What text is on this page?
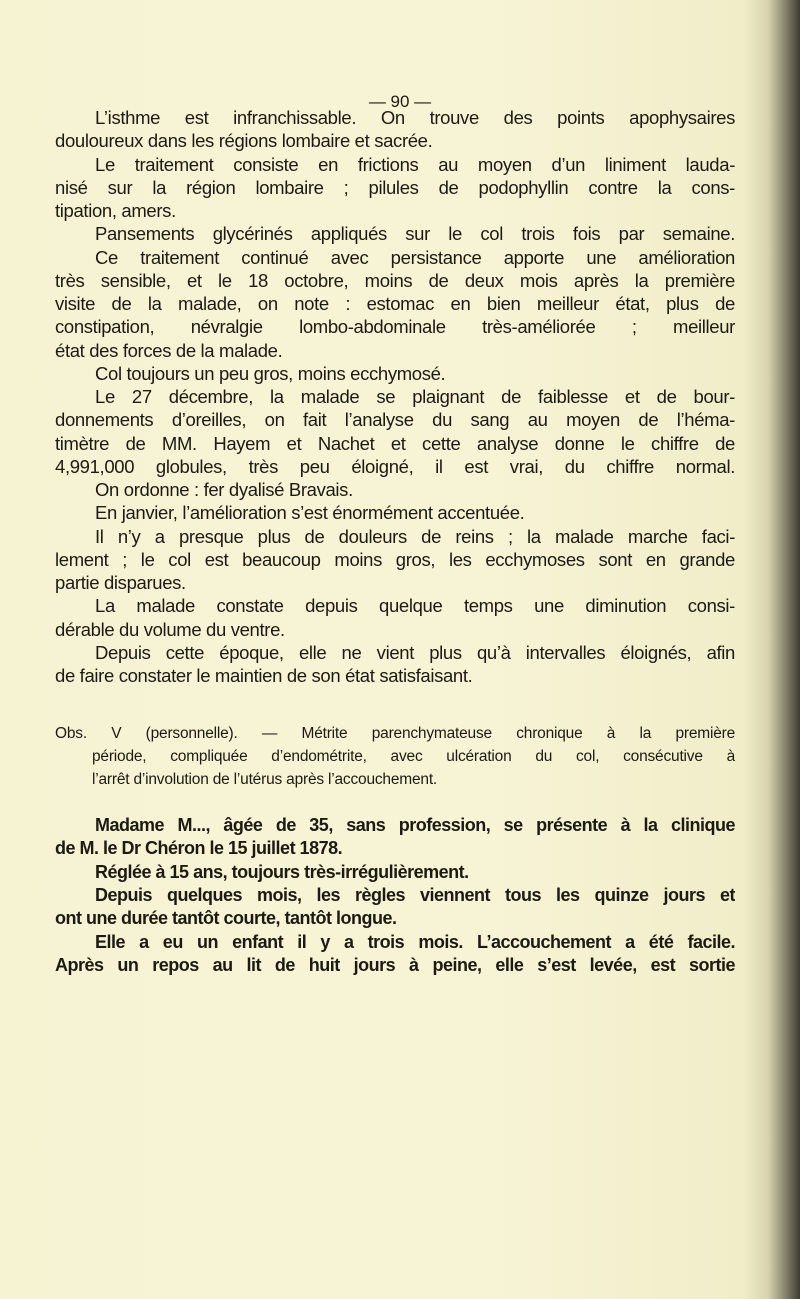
— 90 —
L’isthme est infranchissable. On trouve des points apophysaires
douloureux dans les régions lombaire et sacrée.
Le traitement consiste en frictions au moyen d’un liniment lauda-
nisé sur la région lombaire ; pilules de podophyllin contre la cons-
tipation, amers.
Pansements glycérinés appliqués sur le col trois fois par semaine.
Ce traitement continué avec persistance apporte une amélioration
très sensible, et le 18 octobre, moins de deux mois après la première
visite de la malade, on note : estomac en bien meilleur état, plus de
constipation, névralgie lombo-abdominale très-améliorée ; meilleur
état des forces de la malade.
Col toujours un peu gros, moins ecchymosé.
Le 27 décembre, la malade se plaignant de faiblesse et de bour-
donnements d’oreilles, on fait l’analyse du sang au moyen de l’héma-
timètre de MM. Hayem et Nachet et cette analyse donne le chiffre de
4,991,000 globules, très peu éloigné, il est vrai, du chiffre normal.
On ordonne : fer dyalisé Bravais.
En janvier, l’amélioration s’est énormément accentuée.
Il n’y a presque plus de douleurs de reins ; la malade marche faci-
lement ; le col est beaucoup moins gros, les ecchymoses sont en grande
partie disparues.
La malade constate depuis quelque temps une diminution consi-
dérable du volume du ventre.
Depuis cette époque, elle ne vient plus qu’à intervalles éloignés, afin
de faire constater le maintien de son état satisfaisant.
Obs. V (personnelle). — Métrite parenchymateuse chronique à la première
période, compliquée d’endométrite, avec ulcération du col, consécutive à
l’arrêt d’involution de l’utérus après l’accouchement.
Madame M..., âgée de 35, sans profession, se présente à la clinique
de M. le Dr Chéron le 15 juillet 1878.
Réglée à 15 ans, toujours très-irrégulièrement.
Depuis quelques mois, les règles viennent tous les quinze jours et
ont une durée tantôt courte, tantôt longue.
Elle a eu un enfant il y a trois mois. L’accouchement a été facile.
Après un repos au lit de huit jours à peine, elle s’est levée, est sortie
